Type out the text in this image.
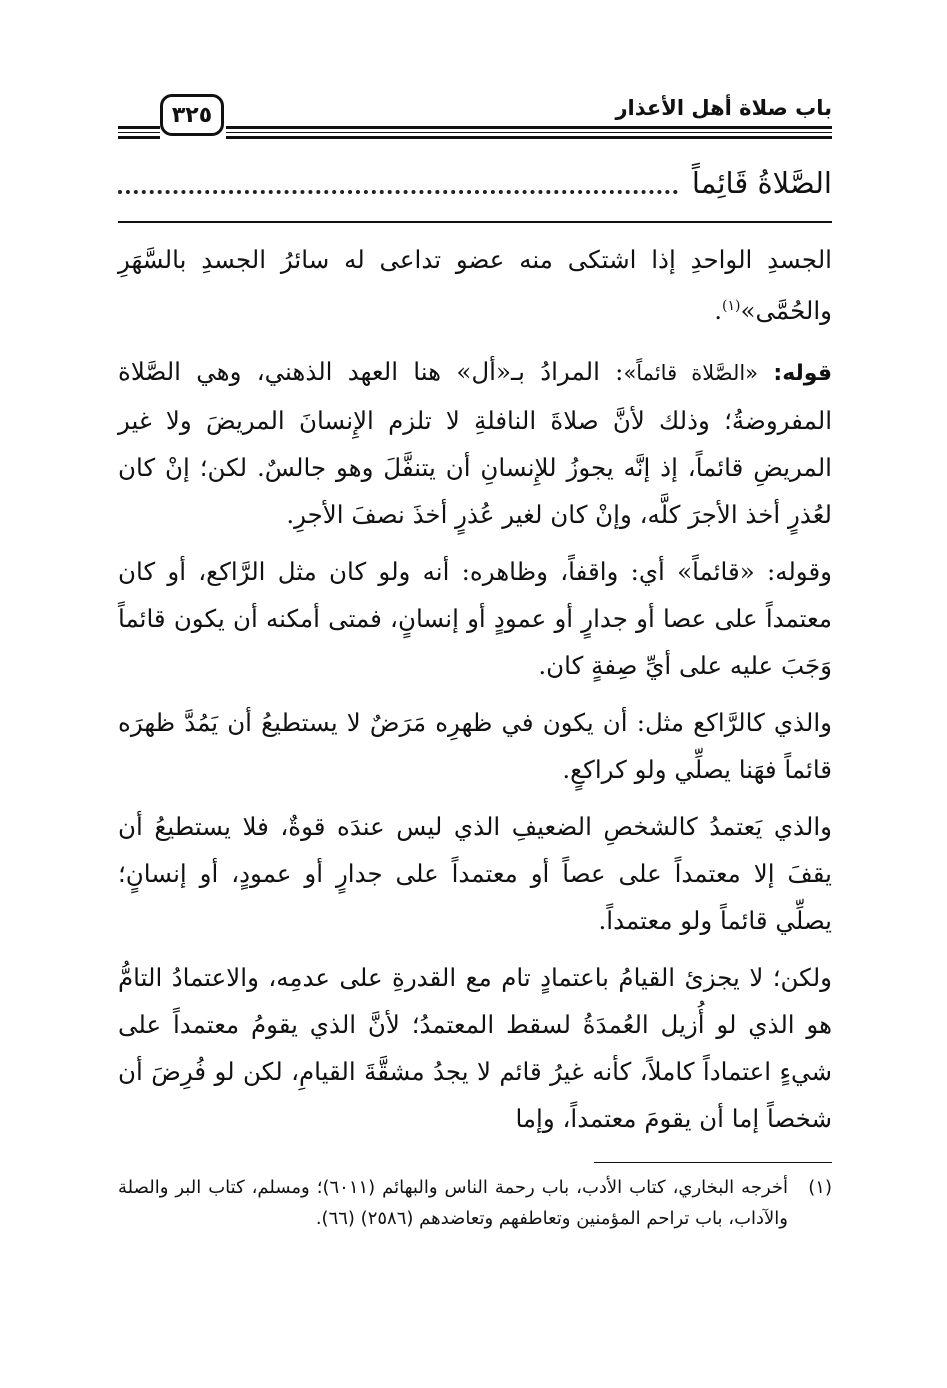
باب صلاة أهل الأعذار
٣٢٥
الصَّلاةُ قَائِماً

الجسدِ الواحدِ إذا اشتكى منه عضو تداعى له سائرُ الجسدِ بالسَّهَرِ والحُمَّى»$^{(١)}$.

قوله: «الصَّلاة قائماً»: المرادُ بـ«أل» هنا العهد الذهني، وهي الصَّلاة المفروضةُ؛ وذلك لأنَّ صلاةَ النافلةِ لا تلزم الإِنسانَ المريضَ ولا غير المريضِ قائماً، إذ إنَّه يجوزُ للإِنسانِ أن يتنفَّلَ وهو جالسٌ. لكن؛ إنْ كان لعُذرٍ أخذ الأجرَ كلَّه، وإنْ كان لغير عُذرٍ أخذَ نصفَ الأجرِ.

وقوله: «قائماً» أي: واقفاً، وظاهره: أنه ولو كان مثل الرَّاكع، أو كان معتمداً على عصا أو جدارٍ أو عمودٍ أو إنسانٍ، فمتى أمكنه أن يكون قائماً وَجَبَ عليه على أيِّ صِفةٍ كان.

والذي كالرَّاكع مثل: أن يكون في ظهرِه مَرَضٌ لا يستطيعُ أن يَمُدَّ ظهرَه قائماً فهَنا يصلِّي ولو كراكعٍ.

والذي يَعتمدُ كالشخصِ الضعيفِ الذي ليس عندَه قوةٌ، فلا يستطيعُ أن يقفَ إلا معتمداً على عصاً أو معتمداً على جدارٍ أو عمودٍ، أو إنسانٍ؛ يصلِّي قائماً ولو معتمداً.

ولكن؛ لا يجزئ القيامُ باعتمادٍ تام مع القدرةِ على عدمِه، والاعتمادُ التامُّ هو الذي لو أُزيل العُمدَةُ لسقط المعتمدُ؛ لأنَّ الذي يقومُ معتمداً على شيءٍ اعتماداً كاملاً، كأنه غيرُ قائم لا يجدُ مشقَّةَ القيامِ، لكن لو فُرِضَ أن شخصاً إما أن يقومَ معتمداً، وإما

(١)
أخرجه البخاري، كتاب الأدب، باب رحمة الناس والبهائم (٦٠١١)؛ ومسلم، كتاب البر والصلة والآداب، باب تراحم المؤمنين وتعاطفهم وتعاضدهم (٢٥٨٦) (٦٦).
